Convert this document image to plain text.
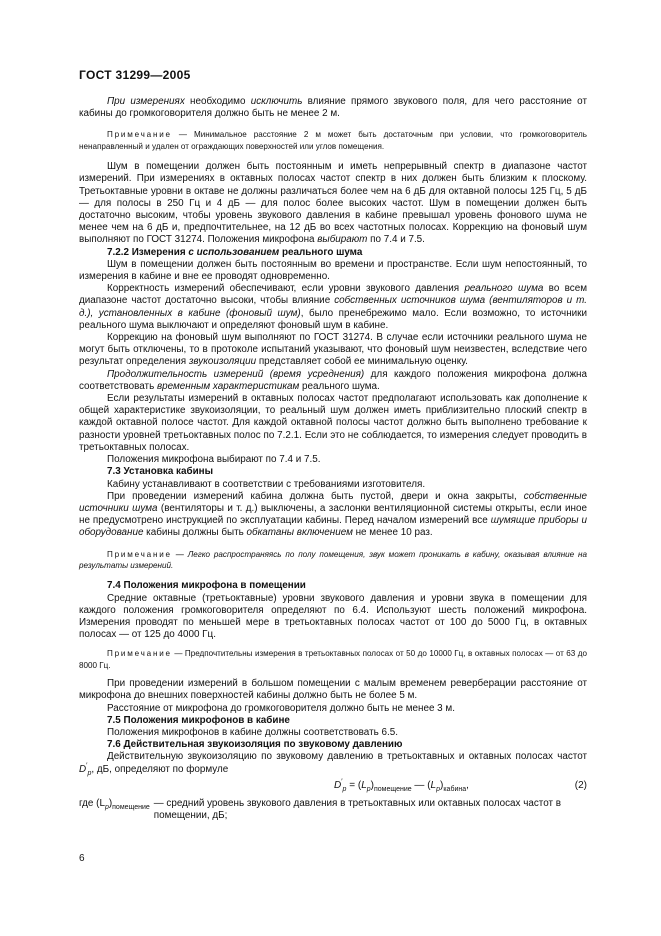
ГОСТ 31299—2005

При измерениях необходимо исключить влияние прямого звукового поля, для чего расстояние от кабины до громкоговорителя должно быть не менее 2 м.

Примечание — Минимальное расстояние 2 м может быть достаточным при условии, что громкоговоритель ненаправленный и удален от ограждающих поверхностей или углов помещения.

Шум в помещении должен быть постоянным и иметь непрерывный спектр в диапазоне частот измерений. При измерениях в октавных полосах частот спектр в них должен быть близким к плоскому. Третьоктавные уровни в октаве не должны различаться более чем на 6 дБ для октавной полосы 125 Гц, 5 дБ — для полосы в 250 Гц и 4 дБ — для полос более высоких частот. Шум в помещении должен быть достаточно высоким, чтобы уровень звукового давления в кабине превышал уровень фонового шума не менее чем на 6 дБ и, предпочтительнее, на 12 дБ во всех частотных полосах. Коррекцию на фоновый шум выполняют по ГОСТ 31274. Положения микрофона выбирают по 7.4 и 7.5.

7.2.2 Измерения с использованием реального шума

Шум в помещении должен быть постоянным во времени и пространстве. Если шум непостоянный, то измерения в кабине и вне ее проводят одновременно.

Корректность измерений обеспечивают, если уровни звукового давления реального шума во всем диапазоне частот достаточно высоки, чтобы влияние собственных источников шума (вентиляторов и т. д.), установленных в кабине (фоновый шум), было пренебрежимо мало. Если возможно, то источники реального шума выключают и определяют фоновый шум в кабине.

Коррекцию на фоновый шум выполняют по ГОСТ 31274. В случае если источники реального шума не могут быть отключены, то в протоколе испытаний указывают, что фоновый шум неизвестен, вследствие чего результат определения звукоизоляции представляет собой ее минимальную оценку.

Продолжительность измерений (время усреднения) для каждого положения микрофона должна соответствовать временным характеристикам реального шума.

Если результаты измерений в октавных полосах частот предполагают использовать как дополнение к общей характеристике звукоизоляции, то реальный шум должен иметь приблизительно плоский спектр в каждой октавной полосе частот. Для каждой октавной полосы частот должно быть выполнено требование к разности уровней третьоктавных полос по 7.2.1. Если это не соблюдается, то измерения следует проводить в третьоктавных полосах.

Положения микрофона выбирают по 7.4 и 7.5.

7.3 Установка кабины

Кабину устанавливают в соответствии с требованиями изготовителя.

При проведении измерений кабина должна быть пустой, двери и окна закрыты, собственные источники шума (вентиляторы и т. д.) выключены, а заслонки вентиляционной системы открыты, если иное не предусмотрено инструкцией по эксплуатации кабины. Перед началом измерений все шумящие приборы и оборудование кабины должны быть обкатаны включением не менее 10 раз.

Примечание — Легко распространяясь по полу помещения, звук может проникать в кабину, оказывая влияние на результаты измерений.

7.4 Положения микрофона в помещении

Средние октавные (третьоктавные) уровни звукового давления и уровни звука в помещении для каждого положения громкоговорителя определяют по 6.4. Используют шесть положений микрофона. Измерения проводят по меньшей мере в третьоктавных полосах частот от 100 до 5000 Гц, в октавных полосах — от 125 до 4000 Гц.

Примечание — Предпочтительны измерения в третьоктавных полосах от 50 до 10000 Гц, в октавных полосах — от 63 до 8000 Гц.

При проведении измерений в большом помещении с малым временем реверберации расстояние от микрофона до внешних поверхностей кабины должно быть не более 5 м.

Расстояние от микрофона до громкоговорителя должно быть не менее 3 м.

7.5 Положения микрофонов в кабине

Положения микрофонов в кабине должны соответствовать 6.5.

7.6 Действительная звукоизоляция по звуковому давлению

Действительную звукоизоляцию по звуковому давлению в третьоктавных и октавных полосах частот $D'_p$, дБ, определяют по формуле

$D'_p = (L_p)_{помещение}$ — $(L_p)_{кабина}$,	(2)
где $(L_p)_{помещение}$ — средний уровень звукового давления в третьоктавных или октавных полосах частот в помещении, дБ;
6
